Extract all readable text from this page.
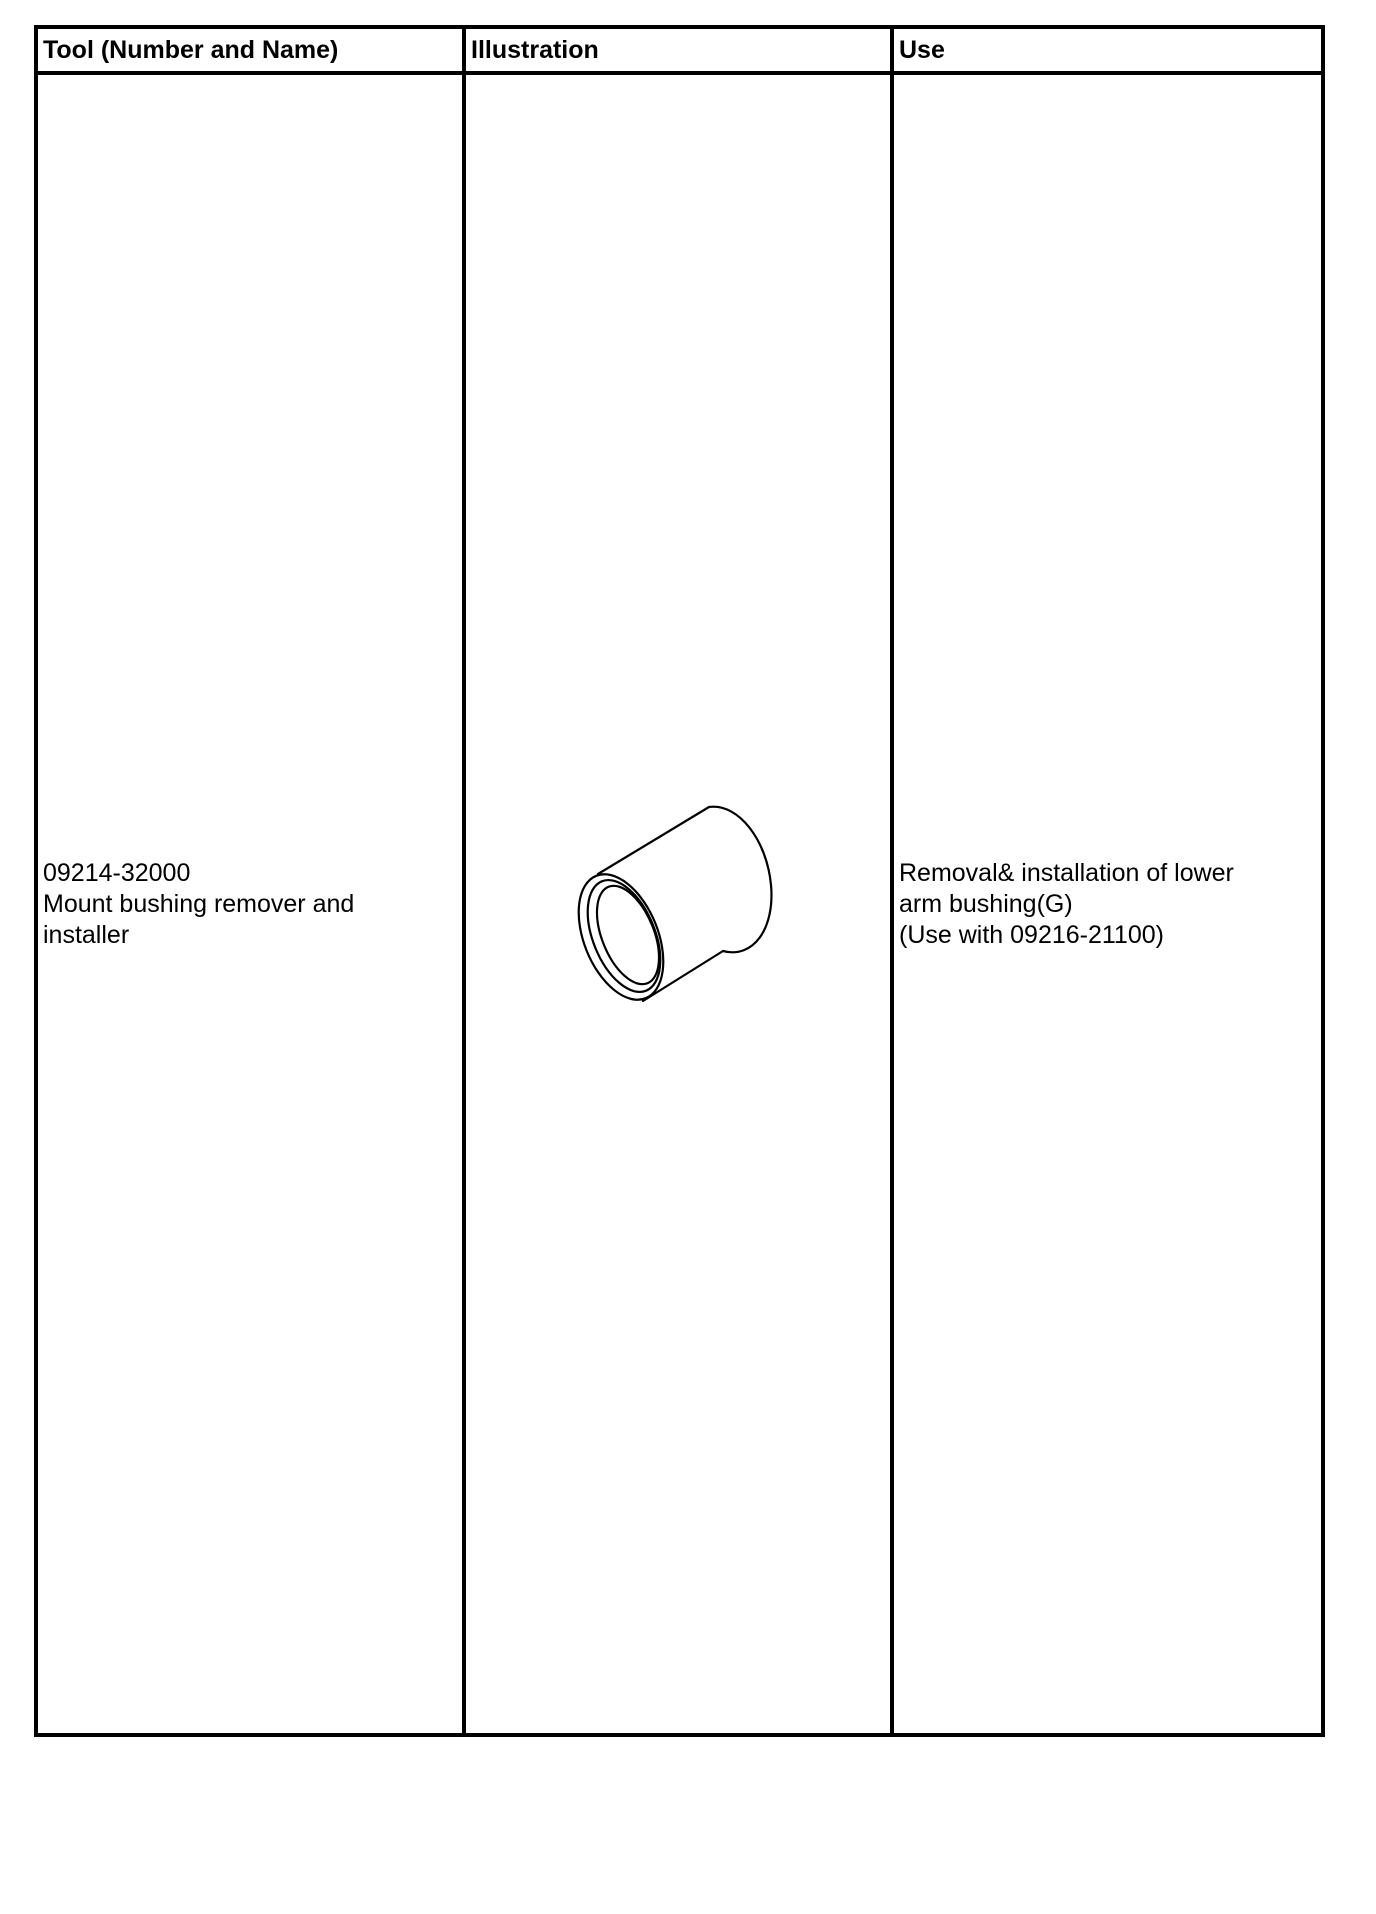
Tool (Number and Name)	Illustration	Use
09214-32000
Mount bushing remover and
installer
Removal& installation of lower
arm bushing(G)
(Use with 09216-21100)
